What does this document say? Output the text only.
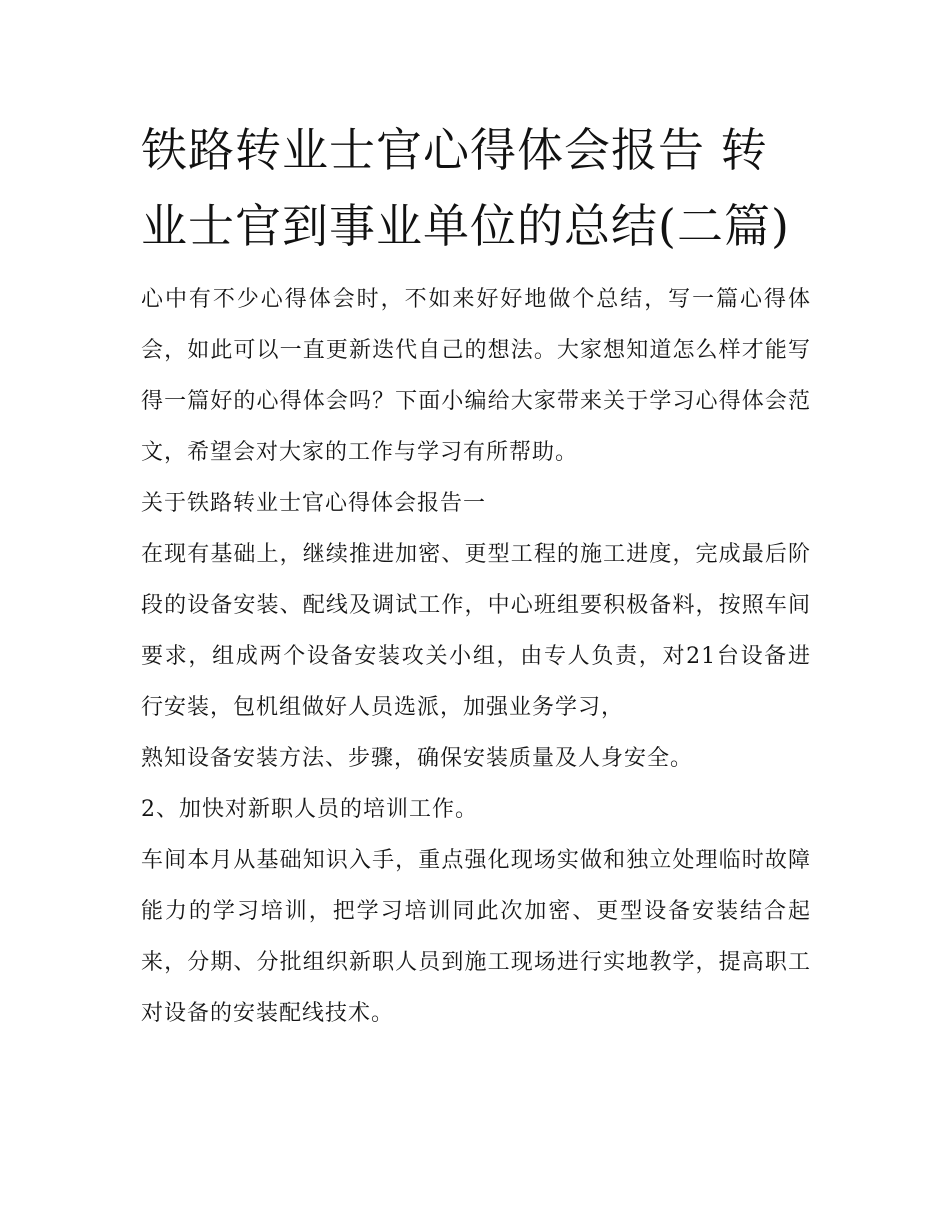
铁路转业士官心得体会报告 转业士官到事业单位的总结(二篇)

心中有不少心得体会时，不如来好好地做个总结，写一篇心得体会，如此可以一直更新迭代自己的想法。大家想知道怎么样才能写得一篇好的心得体会吗？下面小编给大家带来关于学习心得体会范文，希望会对大家的工作与学习有所帮助。

关于铁路转业士官心得体会报告一

在现有基础上，继续推进加密、更型工程的施工进度，完成最后阶段的设备安装、配线及调试工作，中心班组要积极备料，按照车间要求，组成两个设备安装攻关小组，由专人负责，对21台设备进行安装，包机组做好人员选派，加强业务学习，

熟知设备安装方法、步骤，确保安装质量及人身安全。

2、加快对新职人员的培训工作。

车间本月从基础知识入手，重点强化现场实做和独立处理临时故障能力的学习培训，把学习培训同此次加密、更型设备安装结合起来，分期、分批组织新职人员到施工现场进行实地教学，提高职工对设备的安装配线技术。
